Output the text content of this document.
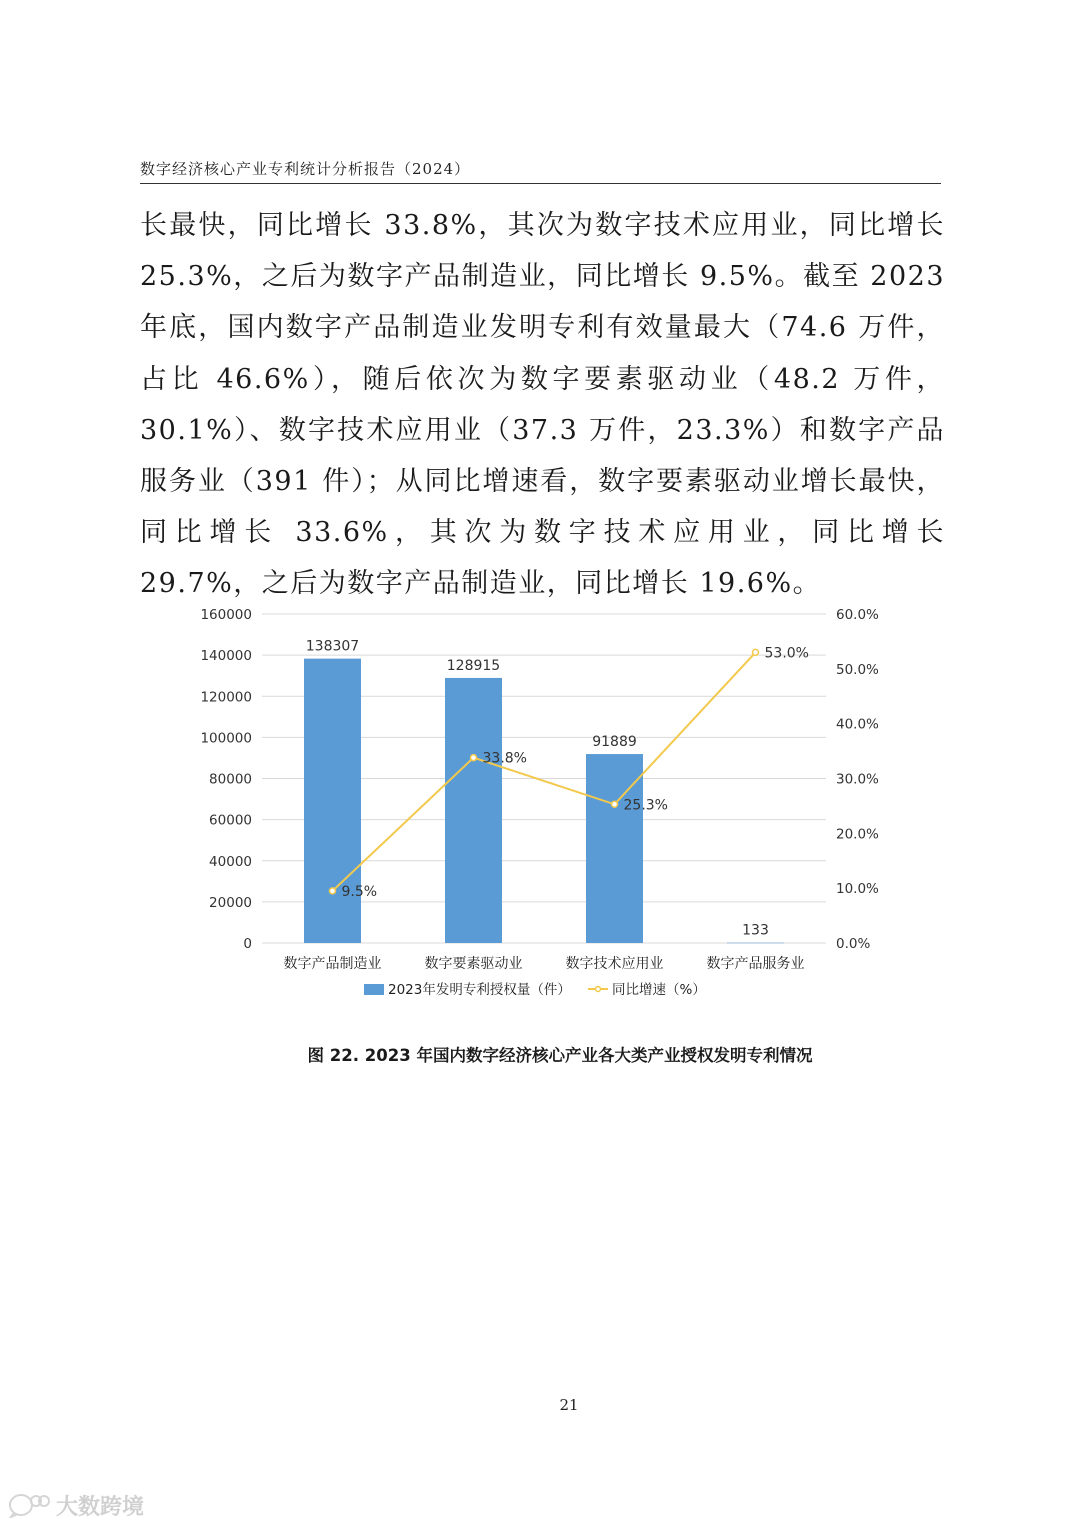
数字经济核心产业专利统计分析报告（2024）

长最快，同比增长 33.8%，其次为数字技术应用业，同比增长 25.3%，之后为数字产品制造业，同比增长 9.5%。截至 2023 年底，国内数字产品制造业发明专利有效量最大（74.6 万件，占比 46.6%），随后依次为数字要素驱动业（48.2 万件，30.1%）、数字技术应用业（37.3 万件，23.3%）和数字产品服务业（391 件）；从同比增速看，数字要素驱动业增长最快，同比增长 33.6%，其次为数字技术应用业，同比增长 29.7%，之后为数字产品制造业，同比增长 19.6%。

0
20000
40000
60000
80000
100000
120000
140000
160000
0.0%
10.0%
20.0%
30.0%
40.0%
50.0%
60.0%
138307
数字产品制造业
128915
数字要素驱动业
91889
数字技术应用业
133
数字产品服务业
9.5%
33.8%
25.3%
53.0%
2023年发明专利授权量（件）	同比增速（%）
图 22. 2023 年国内数字经济核心产业各大类产业授权发明专利情况
21
大数跨境
